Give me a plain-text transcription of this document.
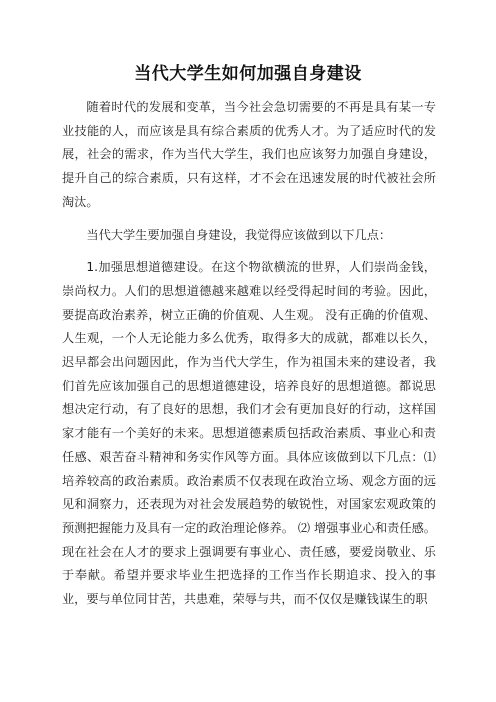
当代大学生如何加强自身建设

随着时代的发展和变革，当今社会急切需要的不再是具有某一专业技能的人，而应该是具有综合素质的优秀人才。为了适应时代的发展，社会的需求，作为当代大学生，我们也应该努力加强自身建设，提升自己的综合素质，只有这样，才不会在迅速发展的时代被社会所淘汰。

当代大学生要加强自身建设，我觉得应该做到以下几点：

1.加强思想道德建设。在这个物欲横流的世界，人们崇尚金钱，崇尚权力。人们的思想道德越来越难以经受得起时间的考验。因此，要提高政治素养，树立正确的价值观、人生观。 没有正确的价值观、人生观，一个人无论能力多么优秀，取得多大的成就，都难以长久，迟早都会出问题因此，作为当代大学生，作为祖国未来的建设者，我们首先应该加强自己的思想道德建设，培养良好的思想道德。都说思想决定行动，有了良好的思想，我们才会有更加良好的行动，这样国家才能有一个美好的未来。思想道德素质包括政治素质、事业心和责任感、艰苦奋斗精神和务实作风等方面。具体应该做到以下几点：⑴培养较高的政治素质。政治素质不仅表现在政治立场、观念方面的远见和洞察力，还表现为对社会发展趋势的敏锐性，对国家宏观政策的预测把握能力及具有一定的政治理论修养。 ⑵ 增强事业心和责任感。现在社会在人才的要求上强调要有事业心、责任感，要爱岗敬业、乐于奉献。希望并要求毕业生把选择的工作当作长期追求、投入的事业，要与单位同甘苦，共患难，荣辱与共，而不仅仅是赚钱谋生的职
